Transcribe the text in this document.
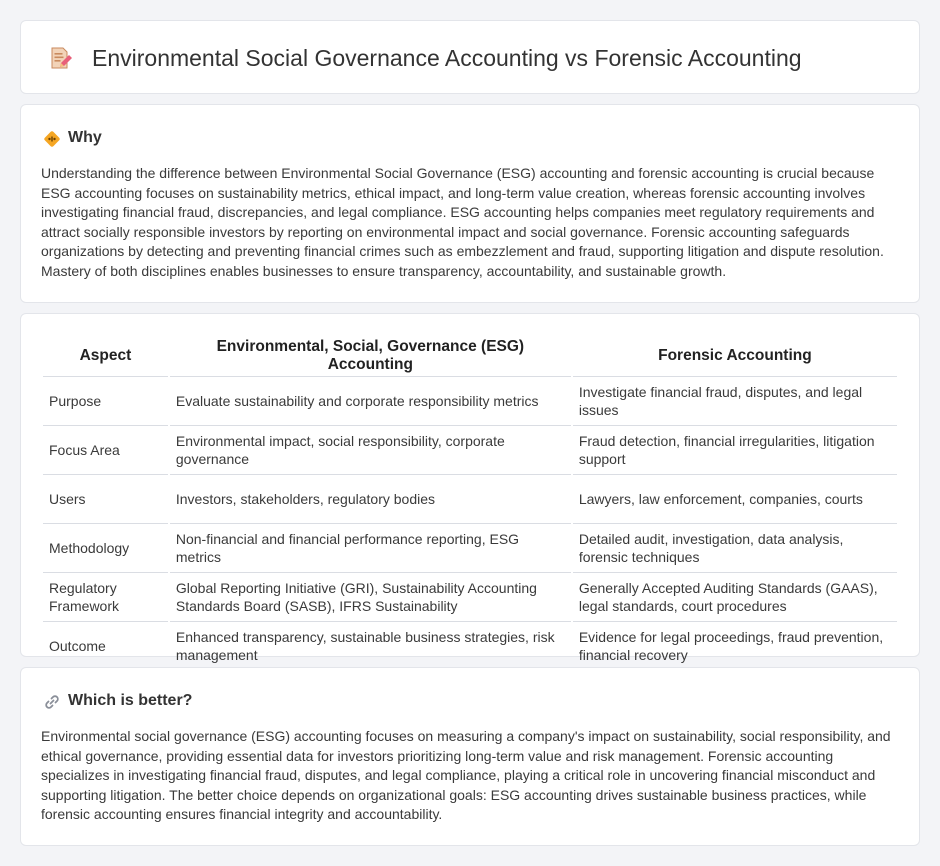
Environmental Social Governance Accounting vs Forensic Accounting
Why

Understanding the difference between Environmental Social Governance (ESG) accounting and forensic accounting is crucial because ESG accounting focuses on sustainability metrics, ethical impact, and long-term value creation, whereas forensic accounting involves investigating financial fraud, discrepancies, and legal compliance. ESG accounting helps companies meet regulatory requirements and attract socially responsible investors by reporting on environmental impact and social governance. Forensic accounting safeguards organizations by detecting and preventing financial crimes such as embezzlement and fraud, supporting litigation and dispute resolution. Mastery of both disciplines enables businesses to ensure transparency, accountability, and sustainable growth.

Aspect	Environmental, Social, Governance (ESG) Accounting	Forensic Accounting
Purpose	Evaluate sustainability and corporate responsibility metrics	Investigate financial fraud, disputes, and legal issues
Focus Area	Environmental impact, social responsibility, corporate governance	Fraud detection, financial irregularities, litigation support
Users	Investors, stakeholders, regulatory bodies	Lawyers, law enforcement, companies, courts
Methodology	Non-financial and financial performance reporting, ESG metrics	Detailed audit, investigation, data analysis, forensic techniques
Regulatory Framework	Global Reporting Initiative (GRI), Sustainability Accounting Standards Board (SASB), IFRS Sustainability	Generally Accepted Auditing Standards (GAAS), legal standards, court procedures
Outcome	Enhanced transparency, sustainable business strategies, risk management	Evidence for legal proceedings, fraud prevention, financial recovery
Which is better?

Environmental social governance (ESG) accounting focuses on measuring a company's impact on sustainability, social responsibility, and ethical governance, providing essential data for investors prioritizing long-term value and risk management. Forensic accounting specializes in investigating financial fraud, disputes, and legal compliance, playing a critical role in uncovering financial misconduct and supporting litigation. The better choice depends on organizational goals: ESG accounting drives sustainable business practices, while forensic accounting ensures financial integrity and accountability.
